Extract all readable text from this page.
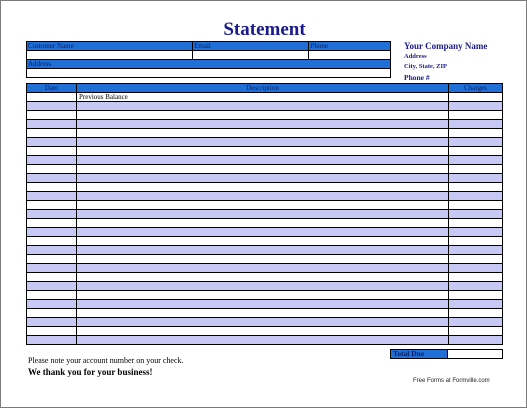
Statement
Customer Name	Email	Phone

Address

Your Company Name
Address
City, State, ZIP
Phone #
Date	Description	Charges
	Previous Balance	

Total Due	
Please note your account number on your check.
We thank you for your business!
Free Forms at Formville.com
